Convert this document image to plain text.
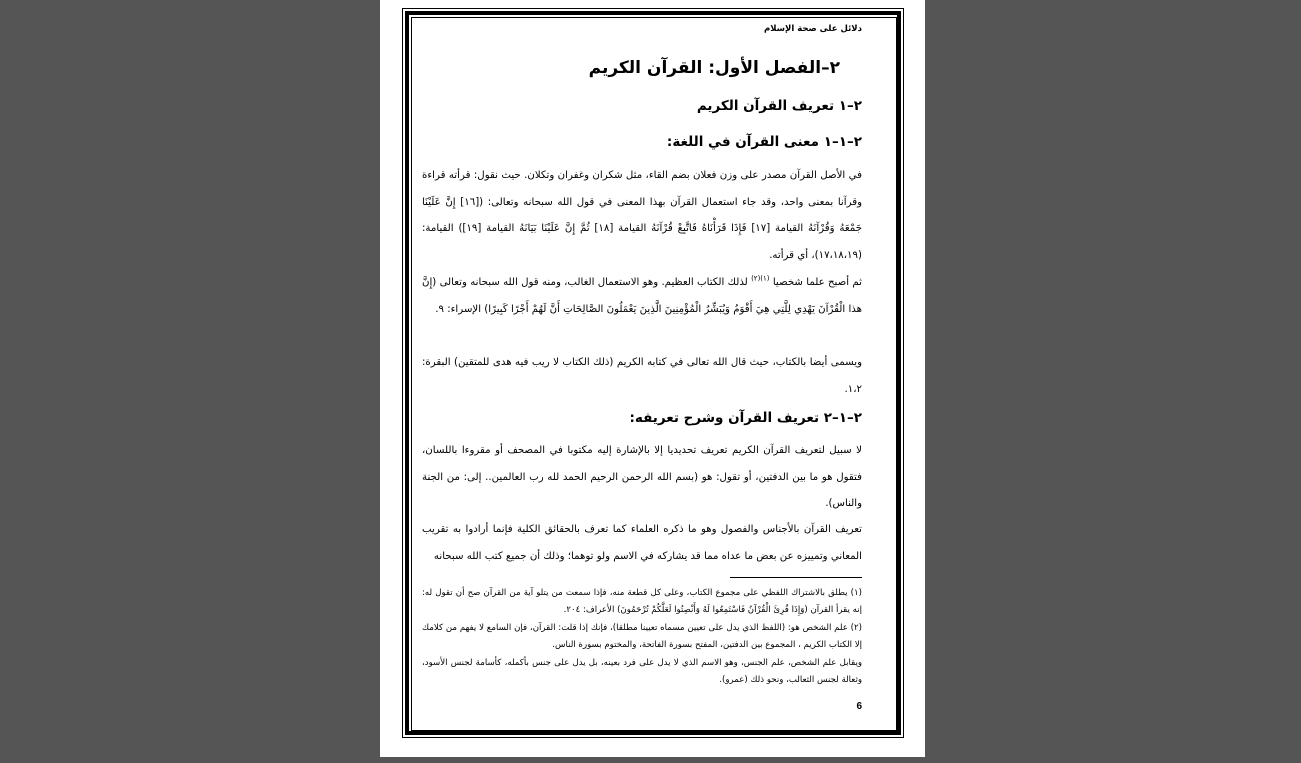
دلائل على صحة الإسلام
٢–الفصل الأول: القرآن الكريم
٢–١ تعريف القرآن الكريم
٢–١–١ معنى القرآن في اللغة:
في الأصل القرآن مصدر على وزن فعلان بضم القاء، مثل شكران وغفران وتكلان. حيث نقول: قرأته قراءة وقرآنا بمعنى واحد، وقد جاء استعمال القرآن بهذا المعنى في قول الله سبحانه وتعالى: ([١٦] إِنَّ عَلَيْنَا جَمْعَهُ وَقُرْآنَهُ القيامة [١٧] فَإِذَا قَرَأْنَاهُ فَاتَّبِعْ قُرْآنَهُ القيامة [١٨] ثُمَّ إِنَّ عَلَيْنَا بَيَانَهُ القيامة [١٩]) القيامة: (١٧،١٨،١٩)، أي قرأته.
ثم أصبح علما شخصيا $^{(١)(٢)}$ لذلك الكتاب العظيم. وهو الاستعمال الغالب، ومنه قول الله سبحانه وتعالى (إِنَّ هذا الْقُرْآنَ يَهْدِي لِلَّتِي هِيَ أَقْوَمُ وَيُبَشِّرُ الْمُؤْمِنِينَ الَّذِينَ يَعْمَلُونَ الصَّالِحَاتِ أَنَّ لَهُمْ أَجْرًا كَبِيرًا) الإسراء: ٩.
ويسمى أيضا بالكتاب، حيث قال الله تعالى في كتابه الكريم (ذلك الكتاب لا ريب فيه هدى للمتقين) البقرة: ١،٢.
٢–١–٢ تعريف القرآن وشرح تعريفه:
لا سبيل لتعريف القرآن الكريم تعريف تحديديا إلا بالإشارة إليه مكتوبا في المصحف أو مقروءا باللسان، فتقول هو ما بين الدفتين، أو تقول: هو (بسم الله الرحمن الرحيم الحمد لله رب العالمين.. إلى: من الجنة والناس).
تعريف القرآن بالأجناس والفصول وهو ما ذكره العلماء كما تعرف بالحقائق الكلية فإنما أرادوا به تقريب المعاني وتمييزه عن بعض ما عداه مما قد يشاركه في الاسم ولو توهما؛ وذلك أن جميع كتب الله سبحانه
(١) يطلق بالاشتراك اللفظي على مجموع الكتاب، وعلى كل قطعة منه، فإذا سمعت من يتلو آية من القرآن صح أن تقول له: إنه يقرأ القرآن (وَإِذَا قُرِئَ الْقُرْآنُ فَاسْتَمِعُوا لَهُ وَأَنْصِتُوا لَعَلَّكُمْ تُرْحَمُونَ) الأعراف: ٢٠٤.
(٢) علم الشخص هو: (اللفظ الذي يدل على تعيين مسماه تعيينا مطلقا)، فإنك إذا قلت: القرآن، فإن السامع لا يفهم من كلامك إلا الكتاب الكريم ، المجموع بين الدفتين، المفتح بسورة الفاتحة، والمختوم بسورة الناس.
ويقابل علم الشخص، علم الجنس، وهو الاسم الذي لا يدل على فرد بعينه، بل يدل على جنس بأكمله، كأسامة لجنس الأسود، وثعالة لجنس الثعالب، ونحو ذلك (عمرو).
6
